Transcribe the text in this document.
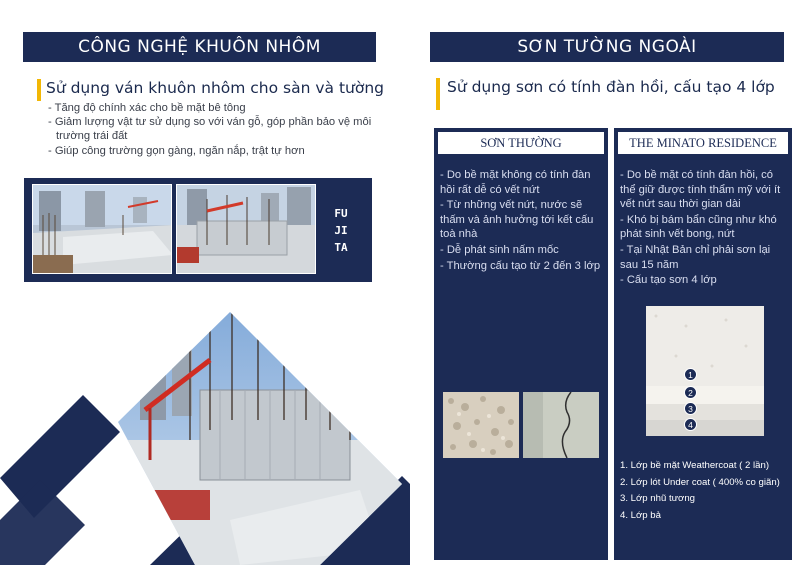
CÔNG NGHỆ KHUÔN NHÔM
Sử dụng ván khuôn nhôm cho sàn và tường
- Tăng độ chính xác cho bề mặt bê tông
- Giảm lượng vật tư sử dụng so với ván gỗ, góp phần bảo vệ môi trường trái đất
- Giúp công trường gọn gàng, ngăn nắp, trật tự hơn
FU
JI
TA
SƠN TƯỜNG NGOÀI
Sử dụng sơn có tính đàn hồi, cấu tạo 4 lớp
SƠN THƯỜNG
- Do bề mặt không có tính đàn hồi rất dễ có vết nứt
- Từ những vết nứt, nước sẽ thấm và ảnh hưởng tới kết cấu toà nhà
- Dễ phát sinh nấm mốc
- Thường cấu tạo từ 2 đến 3 lớp
THE MINATO RESIDENCE
- Do bề mặt có tính đàn hồi, có thể giữ được tính thẩm mỹ với ít vết nứt sau thời gian dài
- Khó bị bám bẩn cũng như khó phát sinh vết bong, nứt
- Tại Nhật Bản chỉ phải sơn lại sau 15 năm
- Cấu tạo sơn 4 lớp
1
2
3
4
1. Lớp bề mặt Weathercoat ( 2 lần)
2. Lớp lót Under coat ( 400% co giãn)
3. Lớp nhũ tương
4. Lớp bả
